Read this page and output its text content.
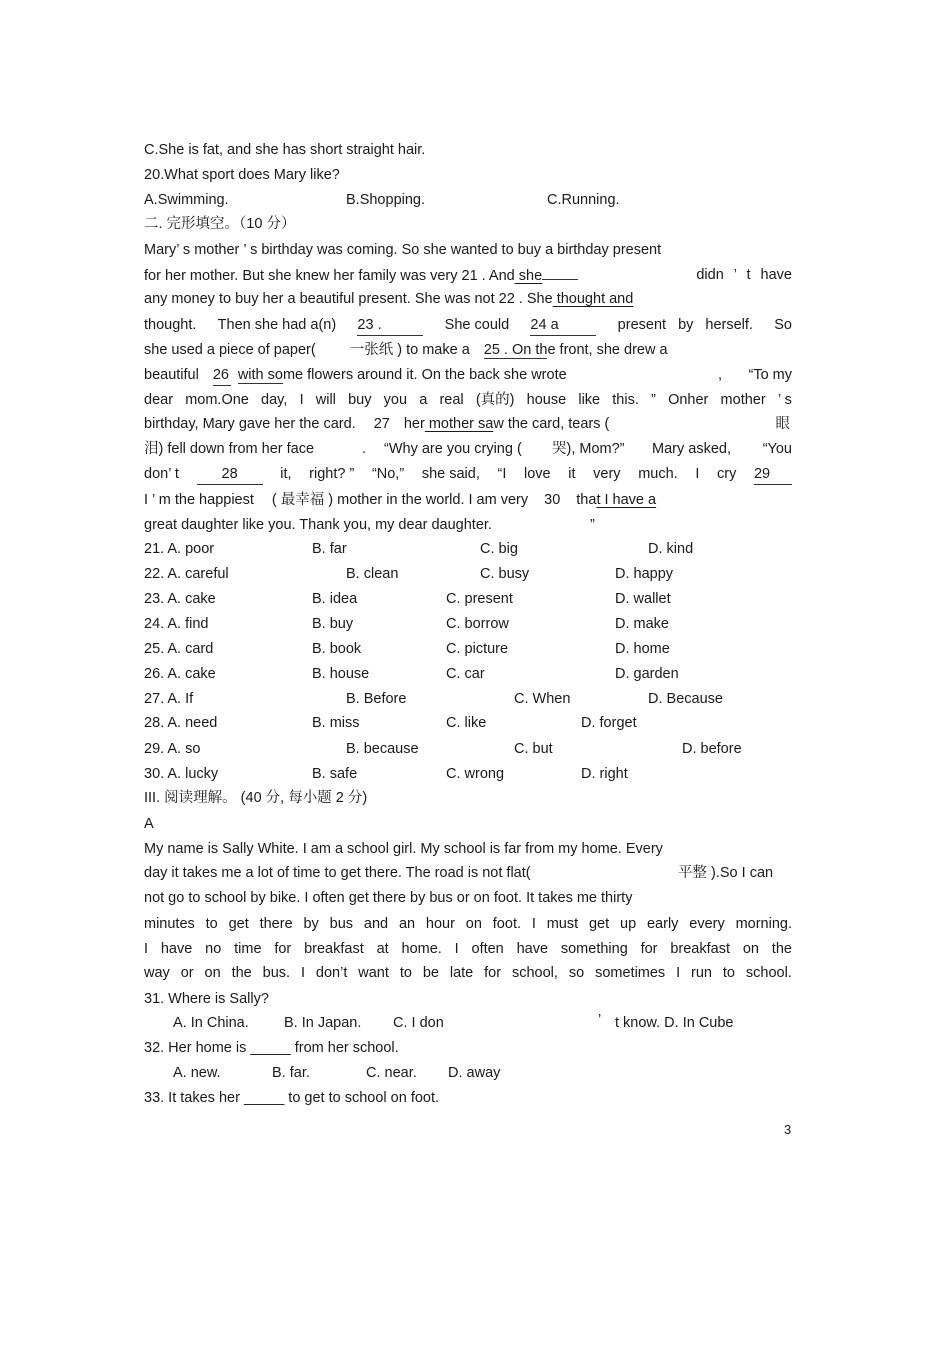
C.She is fat, and she has short straight hair.
20.What sport does Mary like?
A.Swimming.	B.Shopping.	C.Running.
二. 完形填空。（10 分）
Mary’ s mother ’ s birthday was coming. So she wanted to buy a birthday present
for her mother. But she knew her family was very 21 . And she	didn ’ t have
any money to buy her a beautiful present. She was not 22 . She thought and
thought. Then she had a(n) 23 .	She could 24 a	present by herself. So
she used a piece of paper( 一张纸 ) to make a 25 . On the front, she drew a
beautiful 26 with some flowers around it. On the back she wrote	, “To my
dear mom.One day, I will buy you a real (真的) house like this. ” Onher mother ’ s
birthday, Mary gave her the card. 27 her mother saw the card, tears (	眼
泪) fell down from her face	. “Why are you crying ( 哭), Mom?” Mary asked, “You
don’ t	28	it, right? ” “No,” she said, “I love it very much. I cry 29
I ’ m the happiest ( 最幸福 ) mother in the world. I am very 30 that I have a
great daughter like you. Thank you, my dear daughter.	”
21. A. poor	B. far	C. big	D. kind
22. A. careful	B. clean	C. busy	D. happy
23. A. cake	B. idea	C. present	D. wallet
24. A. find	B. buy	C. borrow	D. make
25. A. card	B. book	C. picture	D. home
26. A. cake	B. house	C. car	D. garden
27. A. If	B. Before	C. When	D. Because
28. A. need	B. miss	C. like	D. forget
29. A. so	B. because	C. but	D. before
30. A. lucky	B. safe	C. wrong	D. right
III. 阅读理解。 (40 分, 每小题 2 分)
A
My name is Sally White. I am a school girl. My school is far from my home. Every
day it takes me a lot of time to get there. The road is not flat(	平整 ).So I can
not go to school by bike. I often get there by bus or on foot. It takes me thirty
minutes to get there by bus and an hour on foot. I must get up early every morning.
I have no time for breakfast at home. I often have something for breakfast on the
way or on the bus. I don’t want to be late for school, so sometimes I run to school.
31. Where is Sally?
A. In China. B. In Japan. C. I don	’ t know. D. In Cube
32. Her home is _____ from her school.
A. new.	B. far.	C. near. D. away
33. It takes her _____ to get to school on foot.
3
